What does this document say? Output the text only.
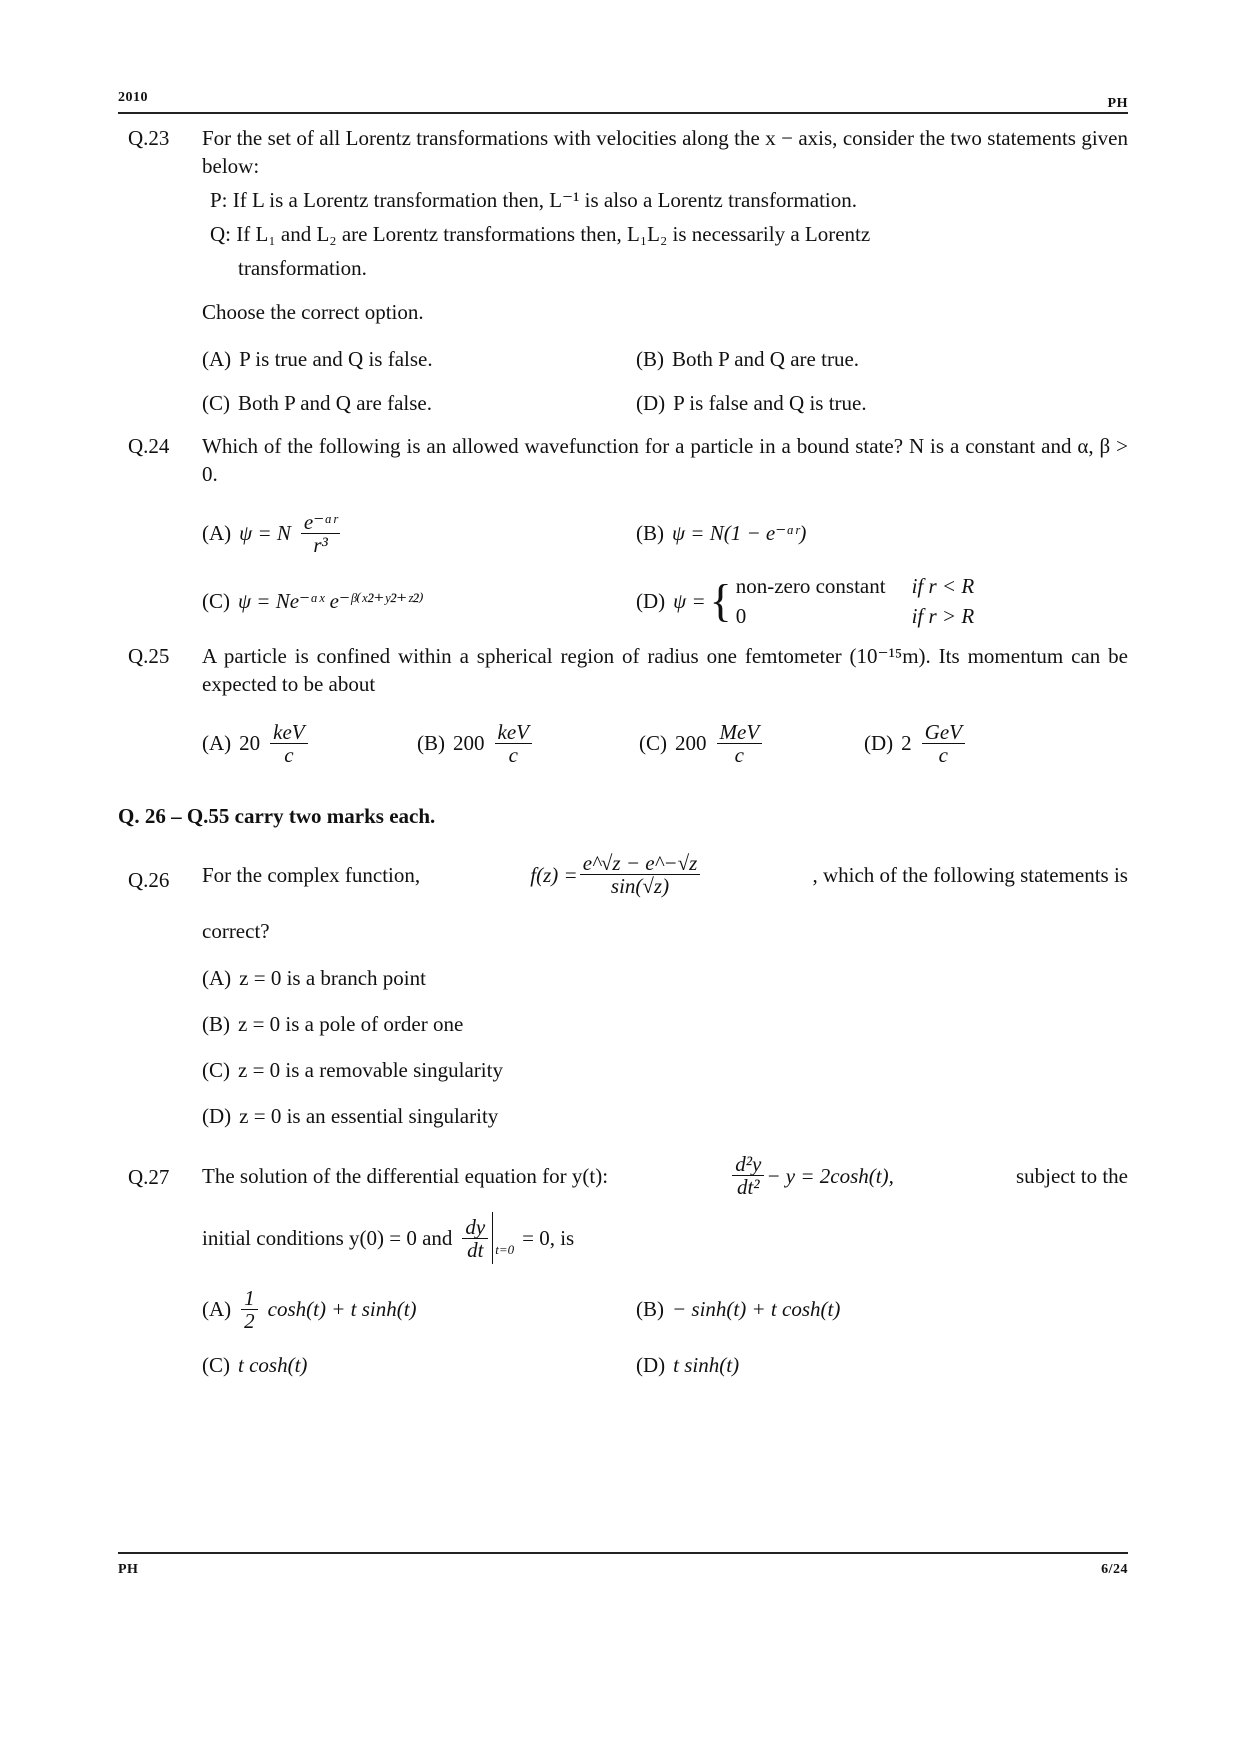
2010	PH
Q.23	For the set of all Lorentz transformations with velocities along the x − axis, consider the two statements given below:
P: If L is a Lorentz transformation then, L⁻¹ is also a Lorentz transformation.
Q: If L₁ and L₂ are Lorentz transformations then, L₁L₂ is necessarily a Lorentz
transformation.
Choose the correct option.
(A) P is true and Q is false.	(B) Both P and Q are true.
(C) Both P and Q are false.	(D) P is false and Q is true.
Q.24	Which of the following is an allowed wavefunction for a particle in a bound state? N is a constant and α, β > 0.
(A) ψ = N $\frac{\text{e⁻ᵅʳ}}{\text{r³}}$	(B) ψ = N(1 − e⁻ᵅʳ)
(C) ψ = Ne⁻ᵅˣ e⁻ᵝ⁽ˣ²⁺ʸ²⁺ᶻ²⁾	(D) ψ = { non-zero constant if r < R
0	if r > R
Q.25	A particle is confined within a spherical region of radius one femtometer (10⁻¹⁵m). Its momentum can be expected to be about
(A) $20 \frac{\text{keV}}{c}$	(B) $200 \frac{\text{keV}}{c}$	(C) $200 \frac{\text{MeV}}{c}$	(D) $2 \frac{\text{GeV}}{c}$
Q. 26 – Q.55 carry two marks each.
Q.26	For the complex function,	$f(z) = \frac{e\^{}√z - e\^{}-√z}{\sin(√z)}$	, which of the following statements is
correct?
(A) z = 0 is a branch point
(B) z = 0 is a pole of order one
(C) z = 0 is a removable singularity
(D) z = 0 is an essential singularity
Q.27	The solution of the differential equation for y(t):	$\frac{\text{d²y}}{\text{dt²}} - y = 2\cosh(t)$,	subject to the
initial conditions y(0) = 0 and $\frac{dy}{dt} t=0 = 0$, is
$(A) \frac{1}{2} \cosh(t) + t$ sinh(t)	(B) − sinh(t) + t cosh(t)
(C) t cosh(t)	(D) t sinh(t)
PH	6/24
